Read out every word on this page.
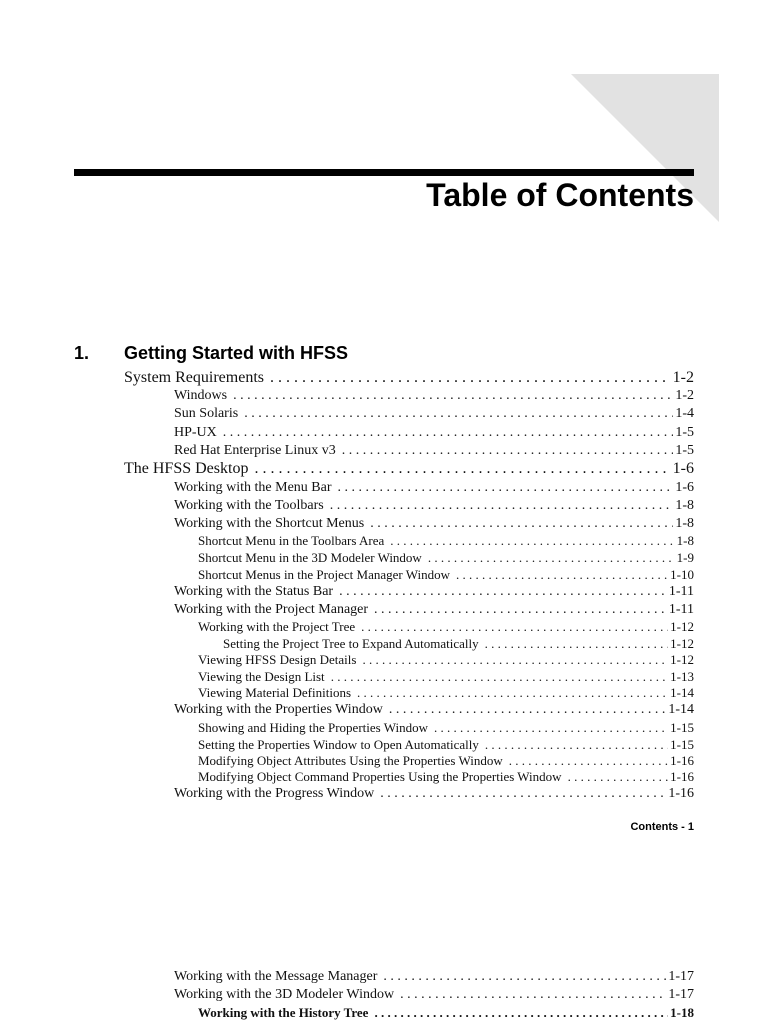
Table of Contents
1. Getting Started with HFSS
System Requirements . . .	1-2
Windows . . .	1-2
Sun Solaris . . .	1-4
HP-UX . . .	1-5
Red Hat Enterprise Linux v3 . . .	1-5
The HFSS Desktop . . .	1-6
Working with the Menu Bar . . .	1-6
Working with the Toolbars . . .	1-8
Working with the Shortcut Menus . . .	1-8
Shortcut Menu in the Toolbars Area . . .	1-8
Shortcut Menu in the 3D Modeler Window . . .	1-9
Shortcut Menus in the Project Manager Window . . .	1-10
Working with the Status Bar . . .	1-11
Working with the Project Manager . . .	1-11
Working with the Project Tree . . .	1-12
Setting the Project Tree to Expand Automatically . . .	1-12
Viewing HFSS Design Details . . .	1-12
Viewing the Design List . . .	1-13
Viewing Material Definitions . . .	1-14
Working with the Properties Window . . .	1-14
Showing and Hiding the Properties Window . . .	1-15
Setting the Properties Window to Open Automatically . . .	1-15
Modifying Object Attributes Using the Properties Window . . .	1-16
Modifying Object Command Properties Using the Properties Window . . .	1-16
Working with the Progress Window . . .	1-16
Contents - 1
Working with the Message Manager . . .	1-17
Working with the 3D Modeler Window . . .	1-17
Working with the History Tree . . .	1-18
